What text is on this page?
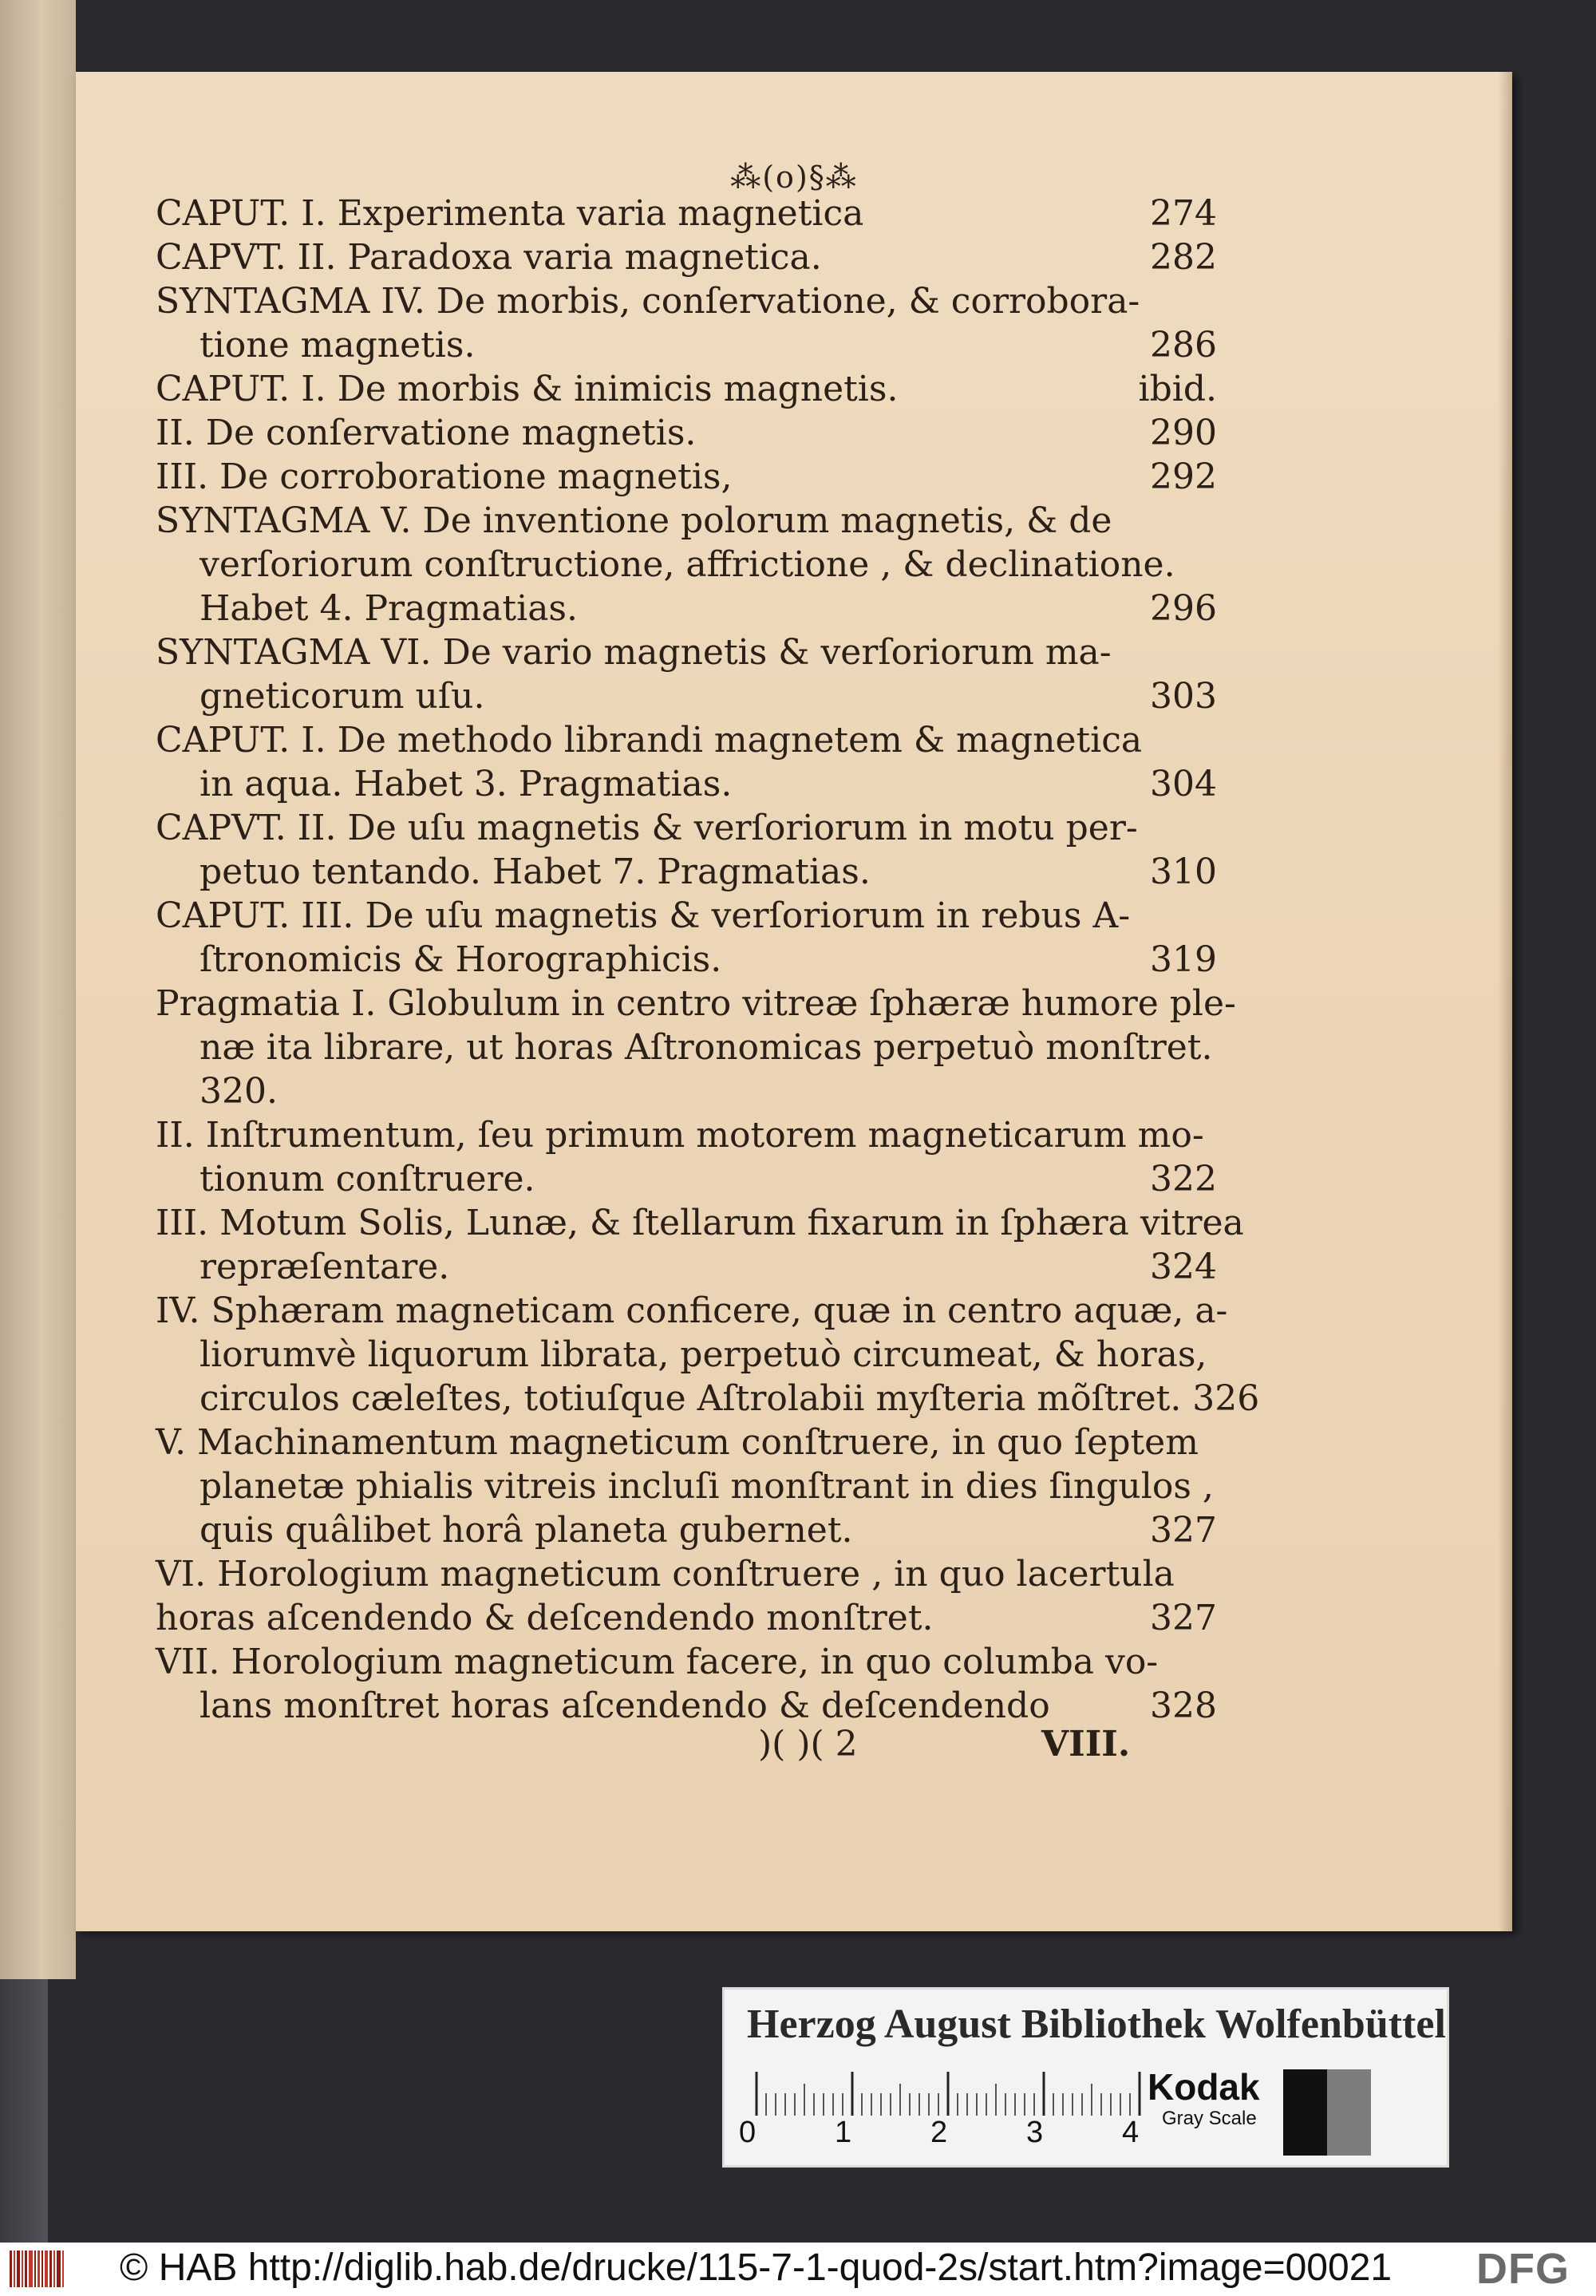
⁂(o)§⁂
CAPUT. I. Experimenta varia magnetica	274
CAPVT. II. Paradoxa varia magnetica.	282
SYNTAGMA IV. De morbis, conſervatione, & corrobora-
tione magnetis.	286
CAPUT. I. De morbis & inimicis magnetis.	ibid.
II. De conſervatione magnetis.	290
III. De corroboratione magnetis,	292
SYNTAGMA V. De inventione polorum magnetis, & de
verſoriorum conſtructione, affrictione , & declinatione.
Habet 4. Pragmatias.	296
SYNTAGMA VI. De vario magnetis & verſoriorum ma-
gneticorum uſu.	303
CAPUT. I. De methodo librandi magnetem & magnetica
in aqua. Habet 3. Pragmatias.	304
CAPVT. II. De uſu magnetis & verſoriorum in motu per-
petuo tentando. Habet 7. Pragmatias.	310
CAPUT. III. De uſu magnetis & verſoriorum in rebus A-
ſtronomicis & Horographicis.	319
Pragmatia I. Globulum in centro vitreæ ſphæræ humore ple-
næ ita librare, ut horas Aſtronomicas perpetuò monſtret.
320.
II. Inſtrumentum, ſeu primum motorem magneticarum mo-
tionum conſtruere.	322
III. Motum Solis, Lunæ, & ſtellarum fixarum in ſphæra vitrea
repræſentare.	324
IV. Sphæram magneticam conficere, quæ in centro aquæ, a-
liorumvè liquorum librata, perpetuò circumeat, & horas,
circulos cæleſtes, totiuſque Aſtrolabii myſteria mõſtret. 326
V. Machinamentum magneticum conſtruere, in quo ſeptem
planetæ phialis vitreis incluſi monſtrant in dies ſingulos ,
quis quâlibet horâ planeta gubernet.	327
VI. Horologium magneticum conſtruere , in quo lacertula
horas aſcendendo & deſcendendo monſtret.	327
VII. Horologium magneticum facere, in quo columba vo-
lans monſtret horas aſcendendo & deſcendendo	328
)( )( 2	VIII.
Herzog August Bibliothek Wolfenbüttel
0	1	2	3	4
Kodak
Gray Scale
© HAB http://diglib.hab.de/drucke/115-7-1-quod-2s/start.htm?image=00021 DFG
